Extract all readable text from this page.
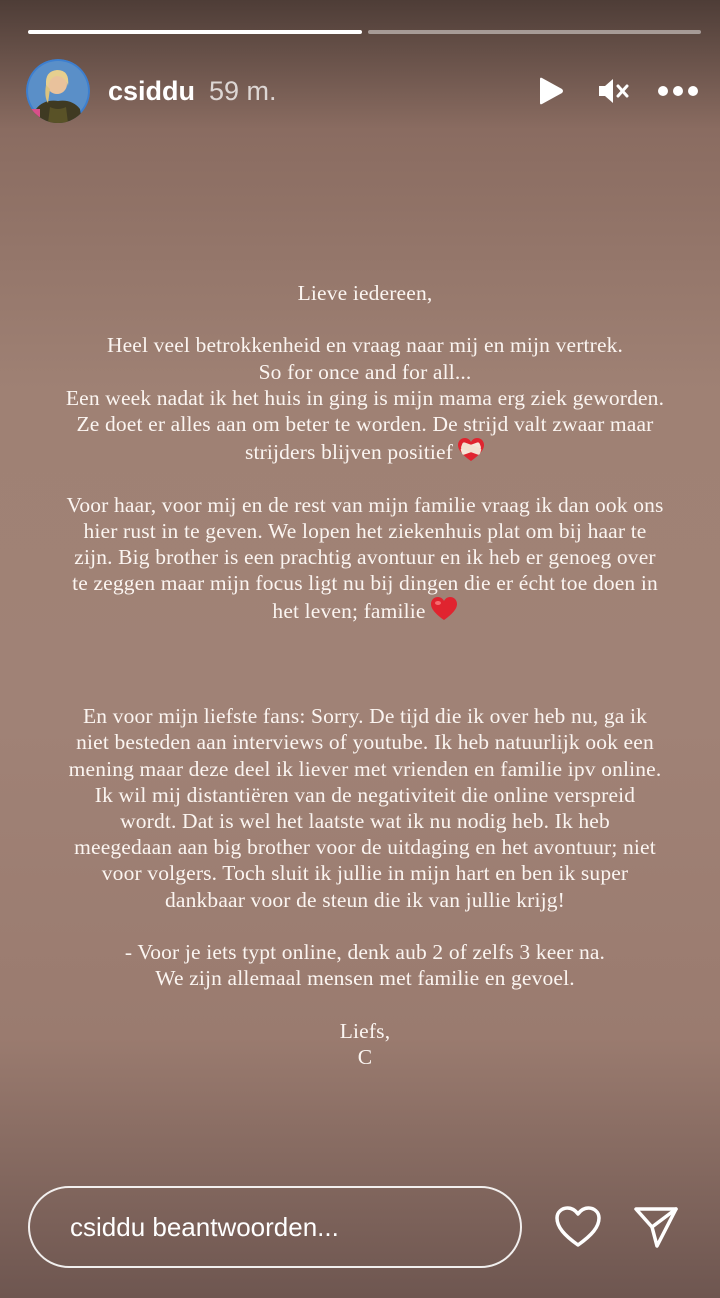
csiddu 59 m.
Lieve iedereen,
Heel veel betrokkenheid en vraag naar mij en mijn vertrek.
So for once and for all...
Een week nadat ik het huis in ging is mijn mama erg ziek geworden.
Ze doet er alles aan om beter te worden. De strijd valt zwaar maar
strijders blijven positief
Voor haar, voor mij en de rest van mijn familie vraag ik dan ook ons
hier rust in te geven. We lopen het ziekenhuis plat om bij haar te
zijn. Big brother is een prachtig avontuur en ik heb er genoeg over
te zeggen maar mijn focus ligt nu bij dingen die er écht toe doen in
het leven; familie
En voor mijn liefste fans: Sorry. De tijd die ik over heb nu, ga ik
niet besteden aan interviews of youtube. Ik heb natuurlijk ook een
mening maar deze deel ik liever met vrienden en familie ipv online.
Ik wil mij distantiëren van de negativiteit die online verspreid
wordt. Dat is wel het laatste wat ik nu nodig heb. Ik heb
meegedaan aan big brother voor de uitdaging en het avontuur; niet
voor volgers. Toch sluit ik jullie in mijn hart en ben ik super
dankbaar voor de steun die ik van jullie krijg!
- Voor je iets typt online, denk aub 2 of zelfs 3 keer na.
We zijn allemaal mensen met familie en gevoel.
Liefs,
C
csiddu beantwoorden...
